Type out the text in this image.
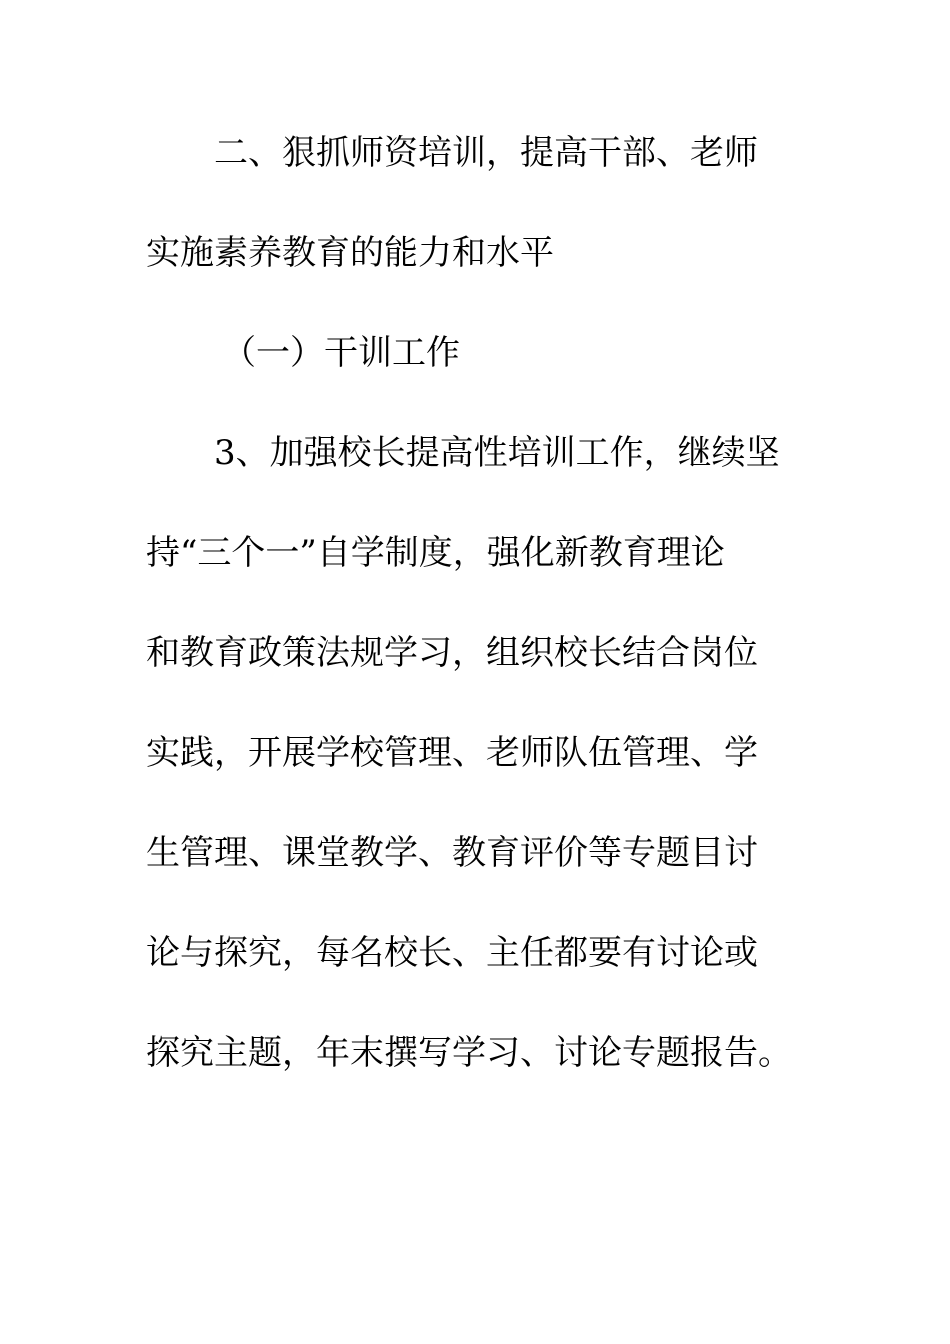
二、狠抓师资培训，提高干部、老师
实施素养教育的能力和水平
（一）干训工作
3、加强校长提高性培训工作，继续坚
持“三个一”自学制度，强化新教育理论
和教育政策法规学习，组织校长结合岗位
实践，开展学校管理、老师队伍管理、学
生管理、课堂教学、教育评价等专题目讨
论与探究，每名校长、主任都要有讨论或
探究主题，年末撰写学习、讨论专题报告。
